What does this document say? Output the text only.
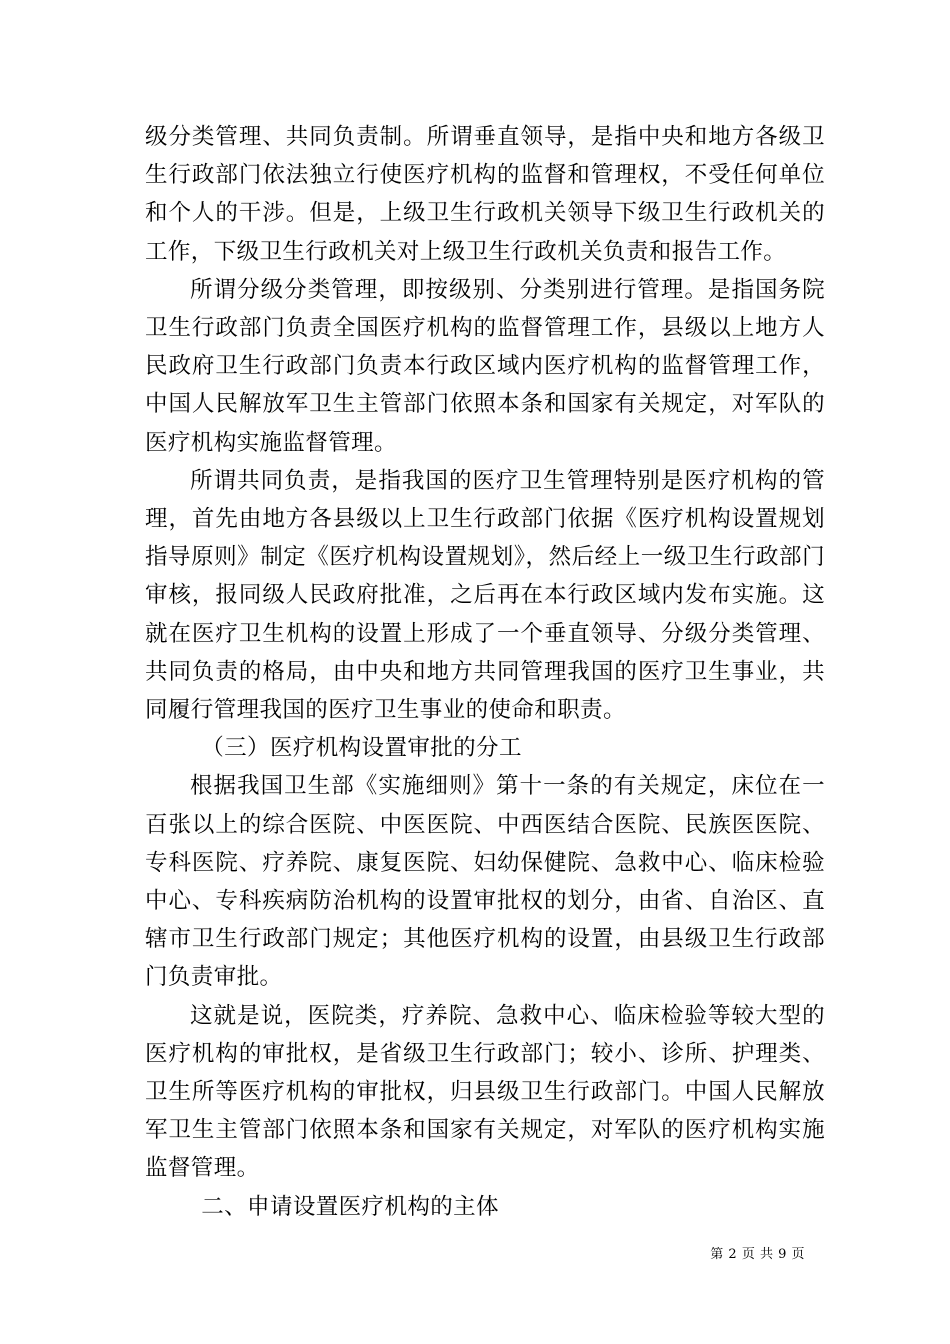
级分类管理、共同负责制。所谓垂直领导，是指中央和地方各级卫生行政部门依法独立行使医疗机构的监督和管理权，不受任何单位和个人的干涉。但是，上级卫生行政机关领导下级卫生行政机关的工作，下级卫生行政机关对上级卫生行政机关负责和报告工作。

所谓分级分类管理，即按级别、分类别进行管理。是指国务院卫生行政部门负责全国医疗机构的监督管理工作，县级以上地方人民政府卫生行政部门负责本行政区域内医疗机构的监督管理工作，中国人民解放军卫生主管部门依照本条和国家有关规定，对军队的医疗机构实施监督管理。

所谓共同负责，是指我国的医疗卫生管理特别是医疗机构的管理，首先由地方各县级以上卫生行政部门依据《医疗机构设置规划指导原则》制定《医疗机构设置规划》，然后经上一级卫生行政部门审核，报同级人民政府批准，之后再在本行政区域内发布实施。这就在医疗卫生机构的设置上形成了一个垂直领导、分级分类管理、共同负责的格局，由中央和地方共同管理我国的医疗卫生事业，共同履行管理我国的医疗卫生事业的使命和职责。

（三）医疗机构设置审批的分工

根据我国卫生部《实施细则》第十一条的有关规定，床位在一百张以上的综合医院、中医医院、中西医结合医院、民族医医院、专科医院、疗养院、康复医院、妇幼保健院、急救中心、临床检验中心、专科疾病防治机构的设置审批权的划分，由省、自治区、直辖市卫生行政部门规定；其他医疗机构的设置，由县级卫生行政部门负责审批。

这就是说，医院类，疗养院、急救中心、临床检验等较大型的医疗机构的审批权，是省级卫生行政部门；较小、诊所、护理类、卫生所等医疗机构的审批权，归县级卫生行政部门。中国人民解放军卫生主管部门依照本条和国家有关规定，对军队的医疗机构实施监督管理。

二、申请设置医疗机构的主体

第 2 页 共 9 页
